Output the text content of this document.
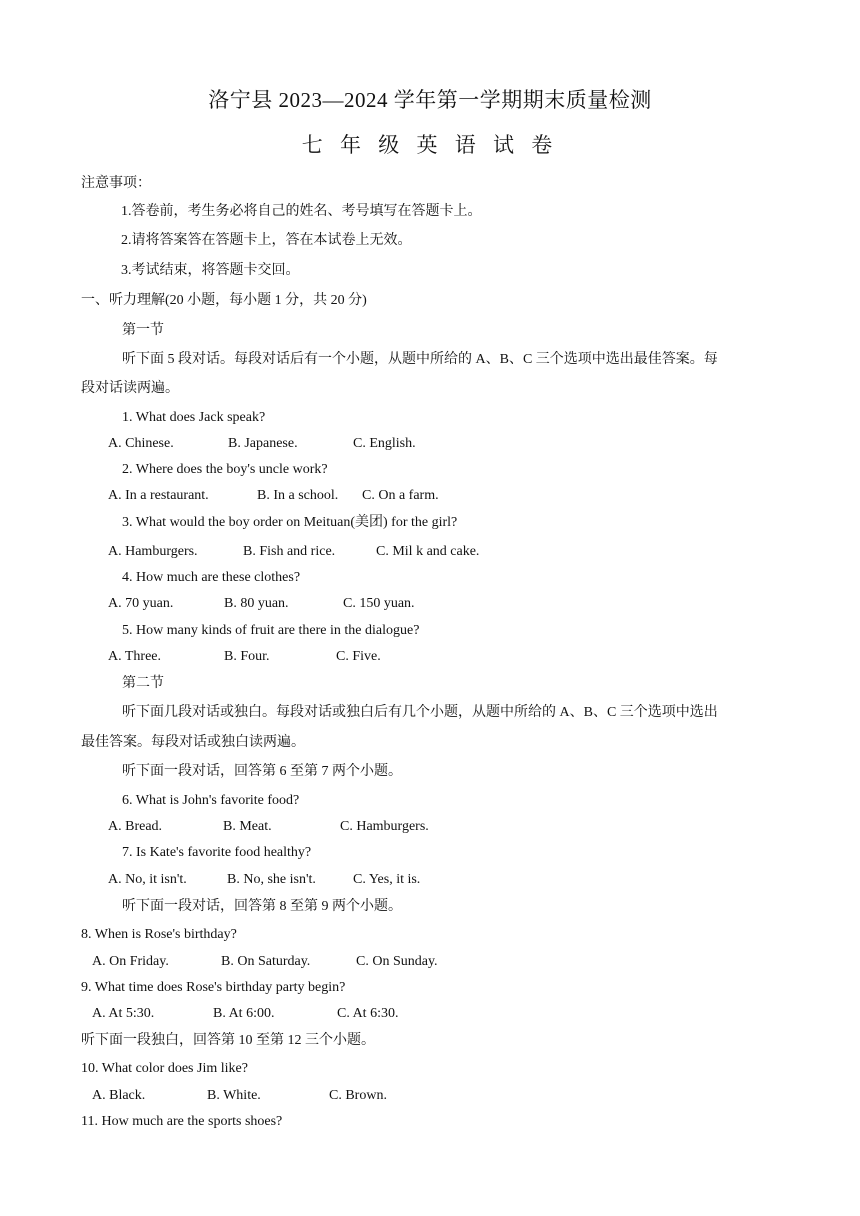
洛宁县 2023—2024 学年第一学期期末质量检测
七 年 级 英 语 试 卷
注意事项：
1.答卷前，考生务必将自己的姓名、考号填写在答题卡上。
2.请将答案答在答题卡上，答在本试卷上无效。
3.考试结束，将答题卡交回。
一、听力理解(20 小题，每小题 1 分，共 20 分)
第一节
听下面 5 段对话。每段对话后有一个小题，从题中所给的 A、B、C 三个选项中选出最佳答案。每
段对话读两遍。
1. What does Jack speak?

A. Chinese.

	B. Japanese.

	C. English.

2. Where does the boy's uncle work?

A. In a restaurant.

	B. In a school.

C. On a farm.

3. What would the boy order on Meituan(美团) for the girl?

A. Hamburgers.

	B. Fish and rice.

	C. Mil k and cake.

4. How much are these clothes?

A. 70 yuan.

	B. 80 yuan.

	C. 150 yuan.

5. How many kinds of fruit are there in the dialogue?

A. Three.

	B. Four.

	C. Five.

第二节
听下面几段对话或独白。每段对话或独白后有几个小题，从题中所给的 A、B、C 三个选项中选出
最佳答案。每段对话或独白读两遍。
听下面一段对话，回答第 6 至第 7 两个小题。
6. What is John's favorite food?

A. Bread.

	B. Meat.

	C. Hamburgers.

7. Is Kate's favorite food healthy?

A. No, it isn't.

	B. No, she isn't.

	C. Yes, it is.

听下面一段对话，回答第 8 至第 9 两个小题。
8. When is Rose's birthday?

A. On Friday.

	B. On Saturday.

	C. On Sunday.

9. What time does Rose's birthday party begin?

A. At 5:30.

	B. At 6:00.

	C. At 6:30.

听下面一段独白，回答第 10 至第 12 三个小题。
10. What color does Jim like?

A. Black.

	B. White.

	C. Brown.

11. How much are the sports shoes?
